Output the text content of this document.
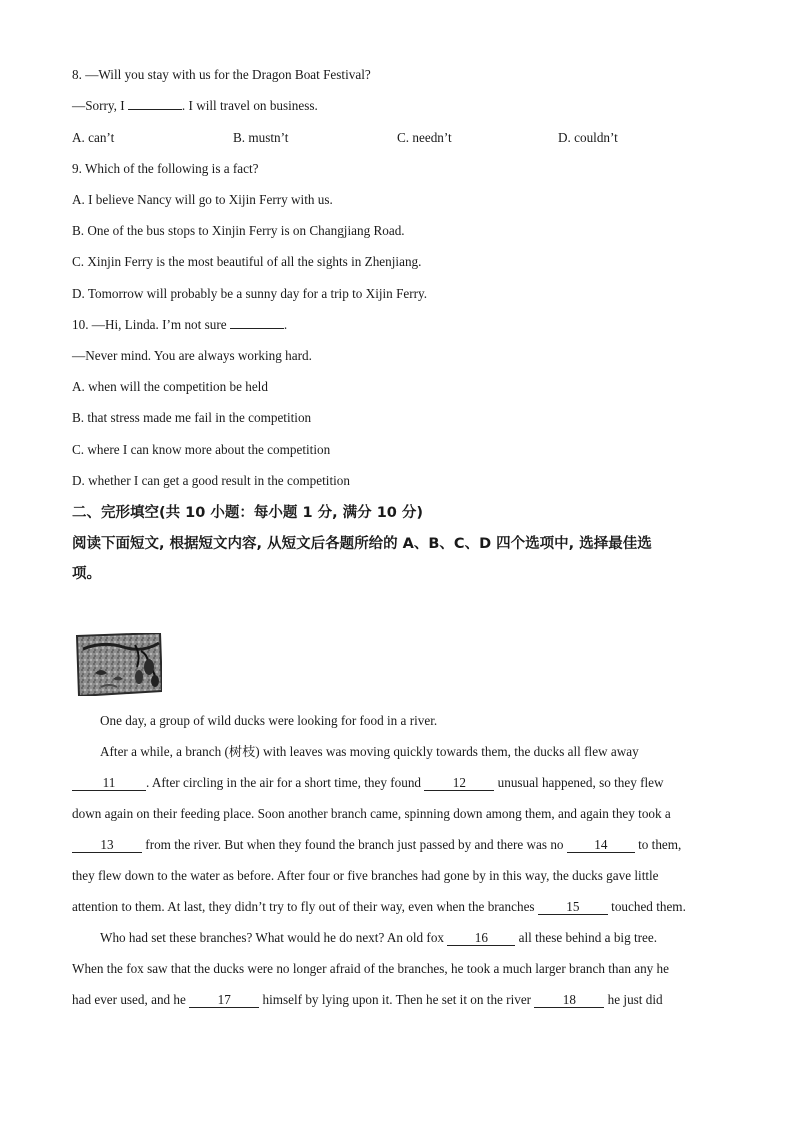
8. —Will you stay with us for the Dragon Boat Festival?
—Sorry, I	. I will travel on business.
A. can’t	B. mustn’t	C. needn’t	D. couldn’t
9. Which of the following is a fact?
A. I believe Nancy will go to Xijin Ferry with us.
B. One of the bus stops to Xinjin Ferry is on Changjiang Road.
C. Xinjin Ferry is the most beautiful of all the sights in Zhenjiang.
D. Tomorrow will probably be a sunny day for a trip to Xijin Ferry.
10. —Hi, Linda. I’m not sure	.
—Never mind. You are always working hard.
A. when will the competition be held
B. that stress made me fail in the competition
C. where I can know more about the competition
D. whether I can get a good result in the competition
二、完形填空(共 10 小题：每小题 1 分, 满分 10 分)
阅读下面短文, 根据短文内容, 从短文后各题所给的 A、B、C、D 四个选项中, 选择最佳选
项。
One day, a group of wild ducks were looking for food in a river.
After a while, a branch (树枝) with leaves was moving quickly towards them, the ducks all flew away
11 . After circling in the air for a short time, they found 12 unusual happened, so they flew
down again on their feeding place. Soon another branch came, spinning down among them, and again they took a
13 from the river. But when they found the branch just passed by and there was no 14 to them,
they flew down to the water as before. After four or five branches had gone by in this way, the ducks gave little
attention to them. At last, they didn’t try to fly out of their way, even when the branches 15 touched them.
Who had set these branches? What would he do next? An old fox 16 all these behind a big tree.
When the fox saw that the ducks were no longer afraid of the branches, he took a much larger branch than any he
had ever used, and he 17 himself by lying upon it. Then he set it on the river 18 he just did
